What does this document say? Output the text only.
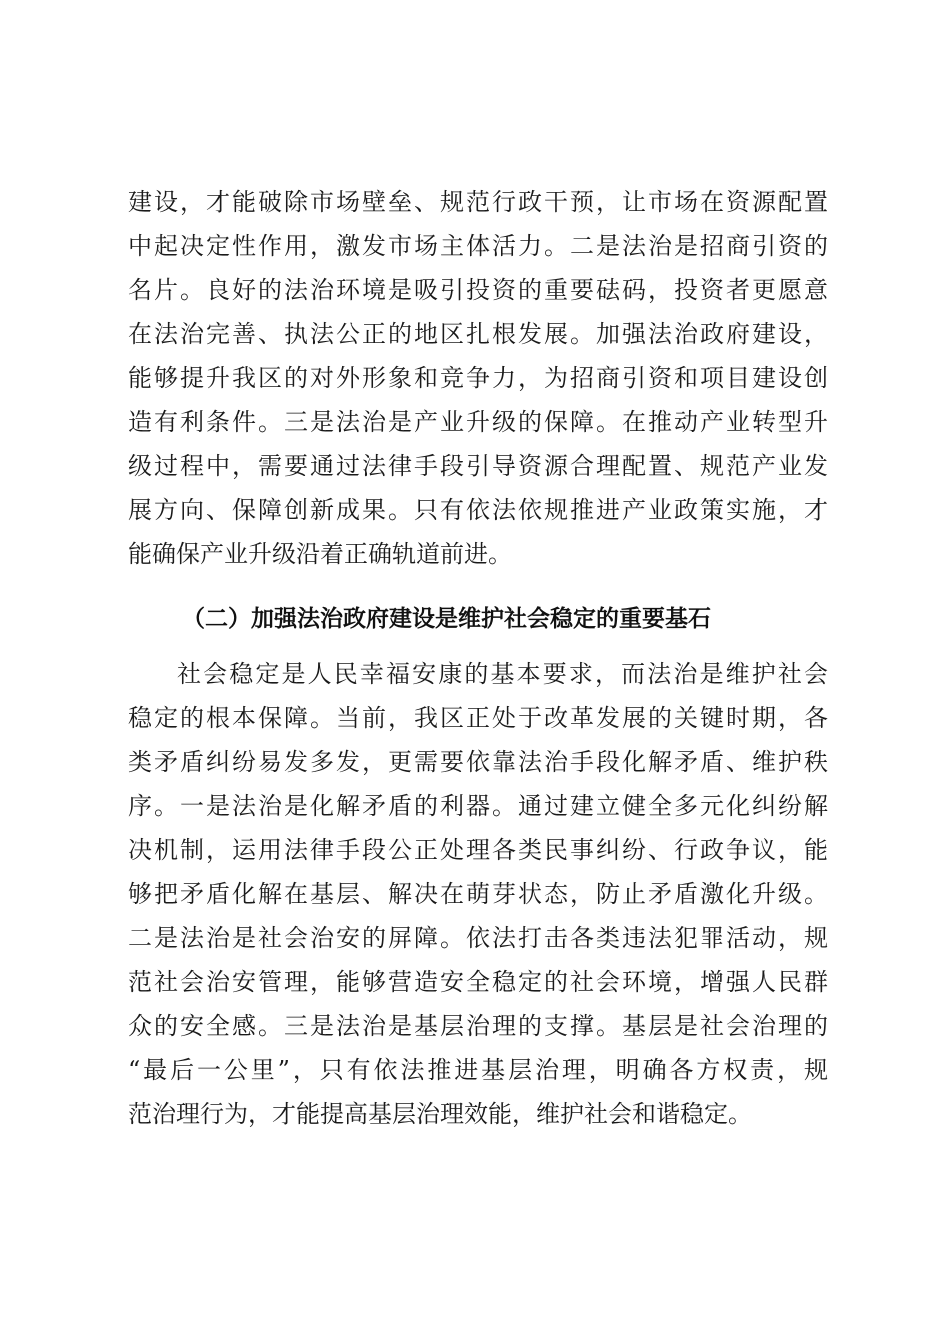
建设，才能破除市场壁垒、规范行政干预，让市场在资源配置
中起决定性作用，激发市场主体活力。二是法治是招商引资的
名片。良好的法治环境是吸引投资的重要砝码，投资者更愿意
在法治完善、执法公正的地区扎根发展。加强法治政府建设，
能够提升我区的对外形象和竞争力，为招商引资和项目建设创
造有利条件。三是法治是产业升级的保障。在推动产业转型升
级过程中，需要通过法律手段引导资源合理配置、规范产业发
展方向、保障创新成果。只有依法依规推进产业政策实施，才
能确保产业升级沿着正确轨道前进。
（二）加强法治政府建设是维护社会稳定的重要基石
社会稳定是人民幸福安康的基本要求，而法治是维护社会
稳定的根本保障。当前，我区正处于改革发展的关键时期，各
类矛盾纠纷易发多发，更需要依靠法治手段化解矛盾、维护秩
序。一是法治是化解矛盾的利器。通过建立健全多元化纠纷解
决机制，运用法律手段公正处理各类民事纠纷、行政争议，能
够把矛盾化解在基层、解决在萌芽状态，防止矛盾激化升级。
二是法治是社会治安的屏障。依法打击各类违法犯罪活动，规
范社会治安管理，能够营造安全稳定的社会环境，增强人民群
众的安全感。三是法治是基层治理的支撑。基层是社会治理的
“最后一公里”，只有依法推进基层治理，明确各方权责，规
范治理行为，才能提高基层治理效能，维护社会和谐稳定。
